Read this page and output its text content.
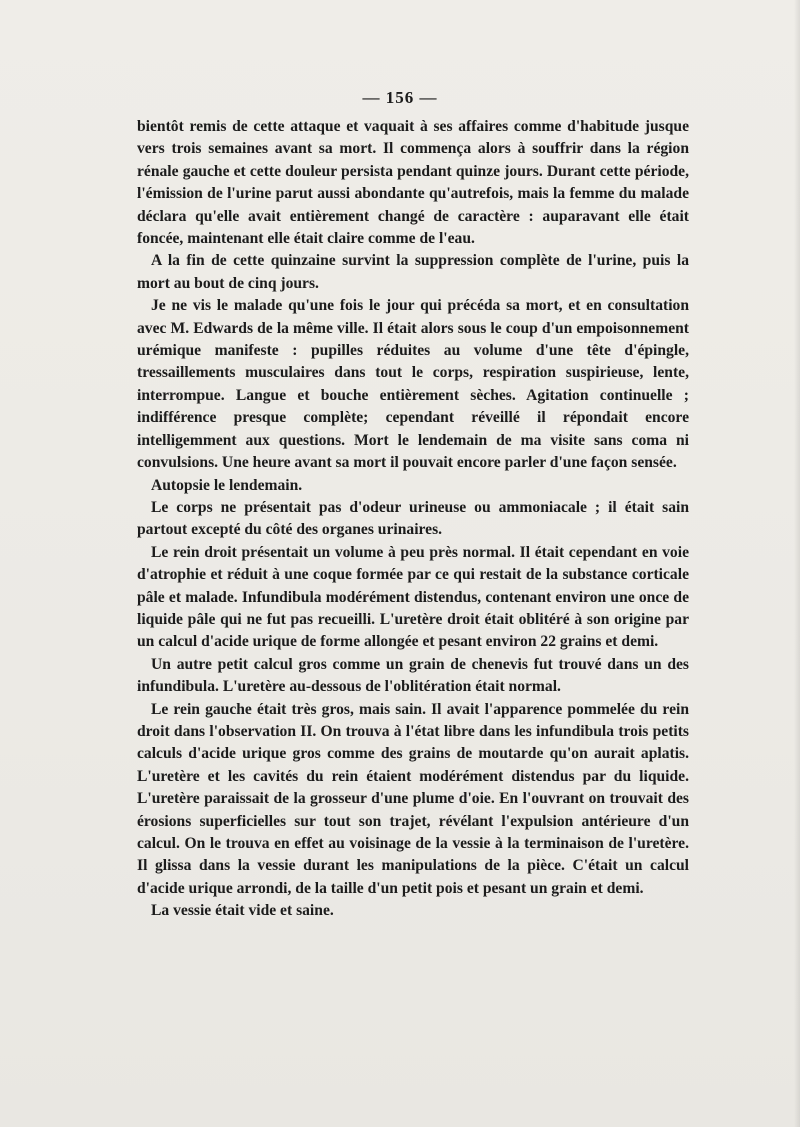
— 156 —

bientôt remis de cette attaque et vaquait à ses affaires comme d'habitude jusque vers trois semaines avant sa mort. Il commença alors à souffrir dans la région rénale gauche et cette douleur persista pendant quinze jours. Durant cette période, l'émission de l'urine parut aussi abondante qu'autrefois, mais la femme du malade déclara qu'elle avait entièrement changé de caractère : auparavant elle était foncée, maintenant elle était claire comme de l'eau.

A la fin de cette quinzaine survint la suppression complète de l'urine, puis la mort au bout de cinq jours.

Je ne vis le malade qu'une fois le jour qui précéda sa mort, et en consultation avec M. Edwards de la même ville. Il était alors sous le coup d'un empoisonnement urémique manifeste : pupilles réduites au volume d'une tête d'épingle, tressaillements musculaires dans tout le corps, respiration suspirieuse, lente, interrompue. Langue et bouche entièrement sèches. Agitation continuelle ; indifférence presque complète; cependant réveillé il répondait encore intelligemment aux questions. Mort le lendemain de ma visite sans coma ni convulsions. Une heure avant sa mort il pouvait encore parler d'une façon sensée.

Autopsie le lendemain.

Le corps ne présentait pas d'odeur urineuse ou ammoniacale ; il était sain partout excepté du côté des organes urinaires.

Le rein droit présentait un volume à peu près normal. Il était cependant en voie d'atrophie et réduit à une coque formée par ce qui restait de la substance corticale pâle et malade. Infundibula modérément distendus, contenant environ une once de liquide pâle qui ne fut pas recueilli. L'uretère droit était oblitéré à son origine par un calcul d'acide urique de forme allongée et pesant environ 22 grains et demi.

Un autre petit calcul gros comme un grain de chenevis fut trouvé dans un des infundibula. L'uretère au-dessous de l'oblitération était normal.

Le rein gauche était très gros, mais sain. Il avait l'apparence pommelée du rein droit dans l'observation II. On trouva à l'état libre dans les infundibula trois petits calculs d'acide urique gros comme des grains de moutarde qu'on aurait aplatis. L'uretère et les cavités du rein étaient modérément distendus par du liquide. L'uretère paraissait de la grosseur d'une plume d'oie. En l'ouvrant on trouvait des érosions superficielles sur tout son trajet, révélant l'expulsion antérieure d'un calcul. On le trouva en effet au voisinage de la vessie à la terminaison de l'uretère. Il glissa dans la vessie durant les manipulations de la pièce. C'était un calcul d'acide urique arrondi, de la taille d'un petit pois et pesant un grain et demi.

La vessie était vide et saine.
